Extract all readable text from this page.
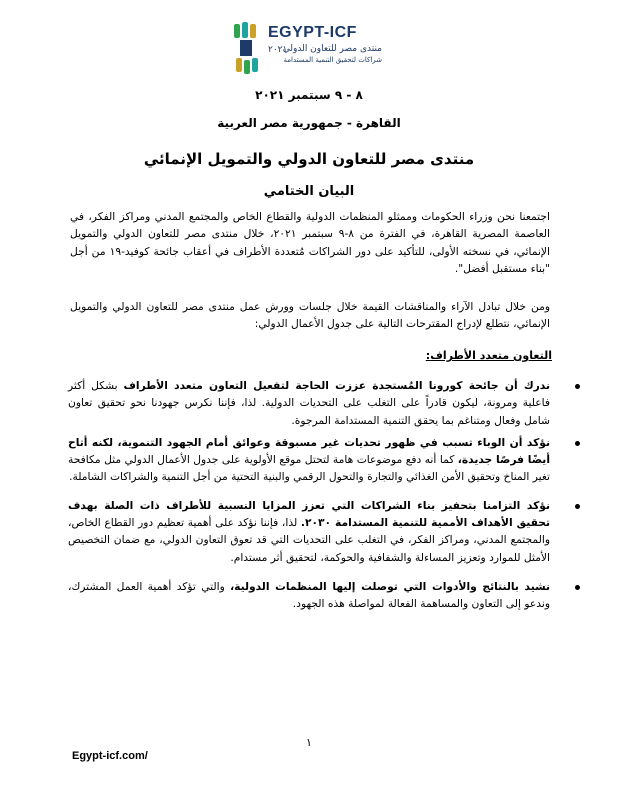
EGYPT-ICF
٢٠٢١
منتدى مصر للتعاون الدولي
شراكات لتحقيق التنمية المستدامة
٨ - ٩ سبتمبر ٢٠٢١
القاهرة - جمهورية مصر العربية
منتدى مصر للتعاون الدولي والتمويل الإنمائي
البيان الختامي
اجتمعنا نحن وزراء الحكومات وممثلو المنظمات الدولية والقطاع الخاص والمجتمع المدني ومراكز الفكر، في العاصمة المصرية القاهرة، في الفترة من ٨-٩ سبتمبر ٢٠٢١، خلال منتدى مصر للتعاون الدولي والتمويل الإنمائي، في نسخته الأولى، للتأكيد على دور الشراكات مُتعددة الأطراف في أعقاب جائحة كوفيد-١٩ من أجل "بناء مستقبل أفضل".
ومن خلال تبادل الآراء والمناقشات القيمة خلال جلسات وورش عمل منتدى مصر للتعاون الدولي والتمويل الإنمائي، نتطلع لإدراج المقترحات التالية على جدول الأعمال الدولي:
التعاون متعدد الأطراف:
ندرك أن جائحة كورونا المُستجدة عززت الحاجة لتفعيل التعاون متعدد الأطراف بشكل أكثر فاعلية ومرونة، ليكون قادراً على التغلب على التحديات الدولية. لذا، فإننا نكرس جهودنا نحو تحقيق تعاون شامل وفعال ومتناغم بما يحقق التنمية المستدامة المرجوة.
نؤكد أن الوباء تسبب في ظهور تحديات غير مسبوقة وعوائق أمام الجهود التنموية، لكنه أتاح أيضًا فرصًا جديدة، كما أنه دفع موضوعات هامة لتحتل موقع الأولوية على جدول الأعمال الدولي مثل مكافحة تغير المناخ وتحقيق الأمن الغذائي والتجارة والتحول الرقمي والبنية التحتية من أجل التنمية والشراكات الشاملة.
نؤكد التزامنا بتحفيز بناء الشراكات التي تعزز المزايا النسبية للأطراف ذات الصلة بهدف تحقيق الأهداف الأممية للتنمية المستدامة ٢٠٣٠. لذا، فإننا نؤكد على أهمية تعظيم دور القطاع الخاص، والمجتمع المدني، ومراكز الفكر، في التغلب على التحديات التي قد تعوق التعاون الدولي، مع ضمان التخصيص الأمثل للموارد وتعزيز المساءلة والشفافية والحوكمة، لتحقيق أثر مستدام.
نشيد بالنتائج والأدوات التي توصلت إليها المنظمات الدولية، والتي تؤكد أهمية العمل المشترك، وندعو إلى التعاون والمساهمة الفعالة لمواصلة هذه الجهود.
١
Egypt-icf.com/
